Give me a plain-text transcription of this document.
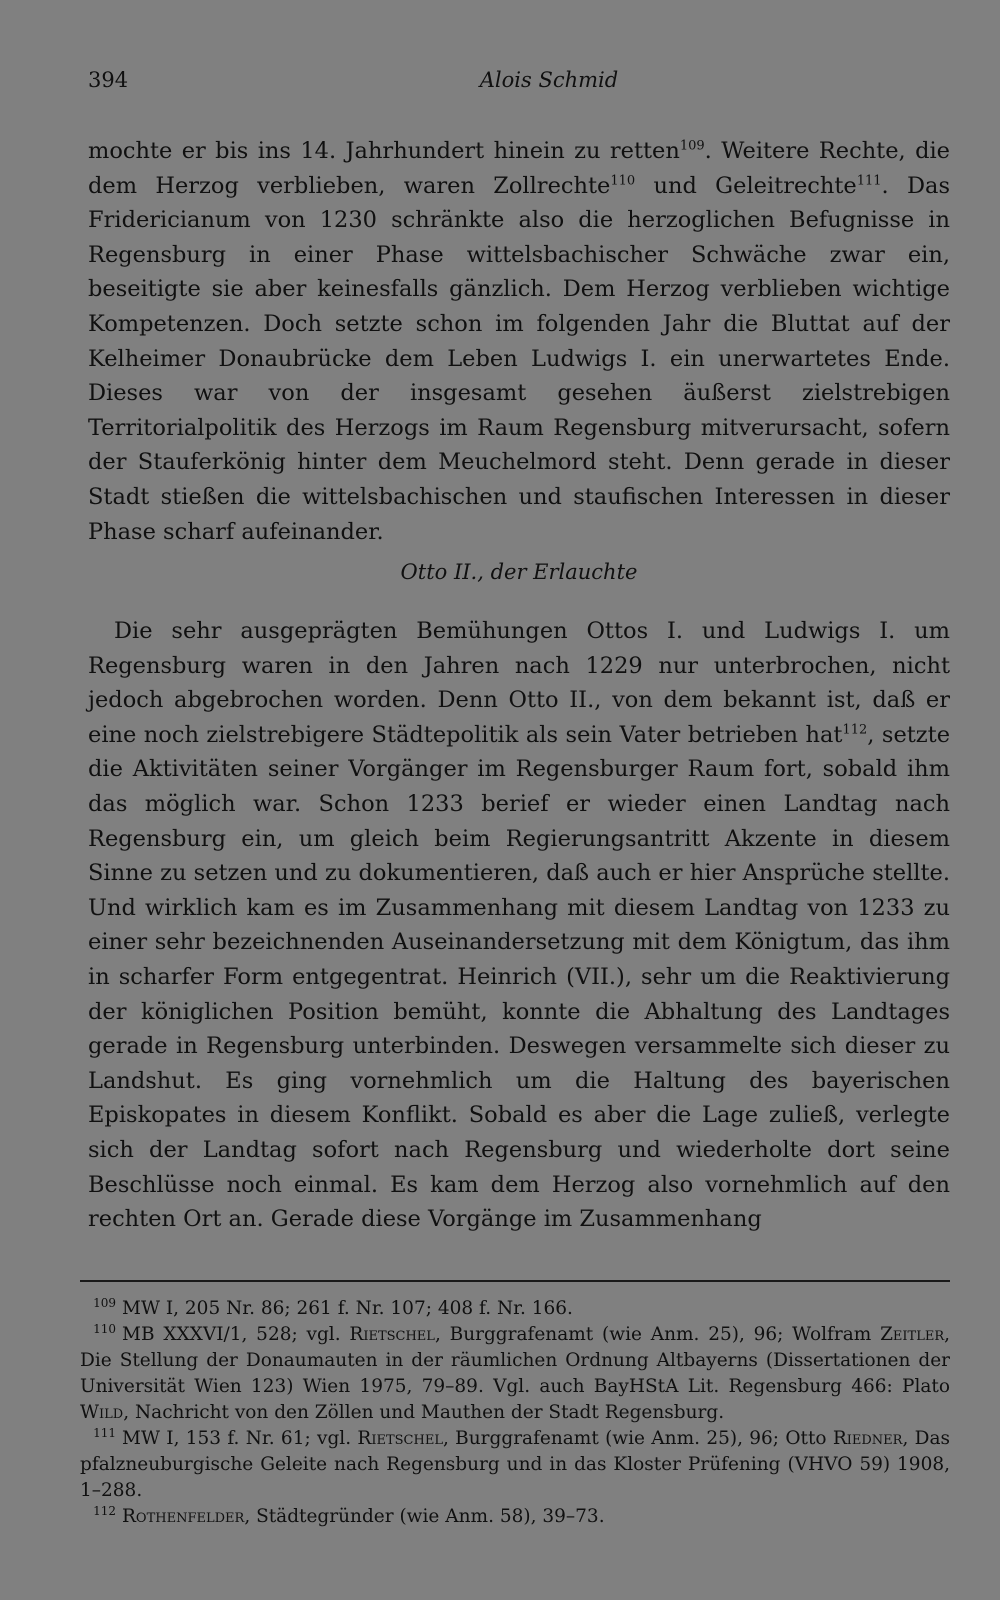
394	Alois Schmid

mochte er bis ins 14. Jahrhundert hinein zu retten$^{109}$. Weitere Rechte, die dem Herzog verblieben, waren Zollrechte$^{110}$ und Geleitrechte$^{111}$. Das Fridericianum von 1230 schränkte also die herzoglichen Befugnisse in Regensburg in einer Phase wittelsbachischer Schwäche zwar ein, beseitigte sie aber keinesfalls gänzlich. Dem Herzog verblieben wichtige Kompetenzen. Doch setzte schon im folgenden Jahr die Bluttat auf der Kelheimer Donaubrücke dem Leben Ludwigs I. ein unerwartetes Ende. Dieses war von der insgesamt gesehen äußerst zielstrebigen Territorialpolitik des Herzogs im Raum Regensburg mitverursacht, sofern der Stauferkönig hinter dem Meuchelmord steht. Denn gerade in dieser Stadt stießen die wittelsbachischen und staufischen Interessen in dieser Phase scharf aufeinander.

Otto II., der Erlauchte

Die sehr ausgeprägten Bemühungen Ottos I. und Ludwigs I. um Regensburg waren in den Jahren nach 1229 nur unterbrochen, nicht jedoch abgebrochen worden. Denn Otto II., von dem bekannt ist, daß er eine noch zielstrebigere Städtepolitik als sein Vater betrieben hat$^{112}$, setzte die Aktivitäten seiner Vorgänger im Regensburger Raum fort, sobald ihm das möglich war. Schon 1233 berief er wieder einen Landtag nach Regensburg ein, um gleich beim Regierungsantritt Akzente in diesem Sinne zu setzen und zu dokumentieren, daß auch er hier Ansprüche stellte. Und wirklich kam es im Zusammenhang mit diesem Landtag von 1233 zu einer sehr bezeichnenden Auseinandersetzung mit dem Königtum, das ihm in scharfer Form entgegentrat. Heinrich (VII.), sehr um die Reaktivierung der königlichen Position bemüht, konnte die Abhaltung des Landtages gerade in Regensburg unterbinden. Deswegen versammelte sich dieser zu Landshut. Es ging vornehmlich um die Haltung des bayerischen Episkopates in diesem Konflikt. Sobald es aber die Lage zuließ, verlegte sich der Landtag sofort nach Regensburg und wiederholte dort seine Beschlüsse noch einmal. Es kam dem Herzog also vornehmlich auf den rechten Ort an. Gerade diese Vorgänge im Zusammenhang

109 MW I, 205 Nr. 86; 261 f. Nr. 107; 408 f. Nr. 166.

110 MB XXXVI/1, 528; vgl. Rietschel, Burggrafenamt (wie Anm. 25), 96; Wolfram Zeitler, Die Stellung der Donaumauten in der räumlichen Ordnung Altbayerns (Dissertationen der Universität Wien 123) Wien 1975, 79–89. Vgl. auch BayHStA Lit. Regensburg 466: Plato Wild, Nachricht von den Zöllen und Mauthen der Stadt Regensburg.

111 MW I, 153 f. Nr. 61; vgl. Rietschel, Burggrafenamt (wie Anm. 25), 96; Otto Riedner, Das pfalzneuburgische Geleite nach Regensburg und in das Kloster Prüfening (VHVO 59) 1908, 1–288.

112 Rothenfelder, Städtegründer (wie Anm. 58), 39–73.
